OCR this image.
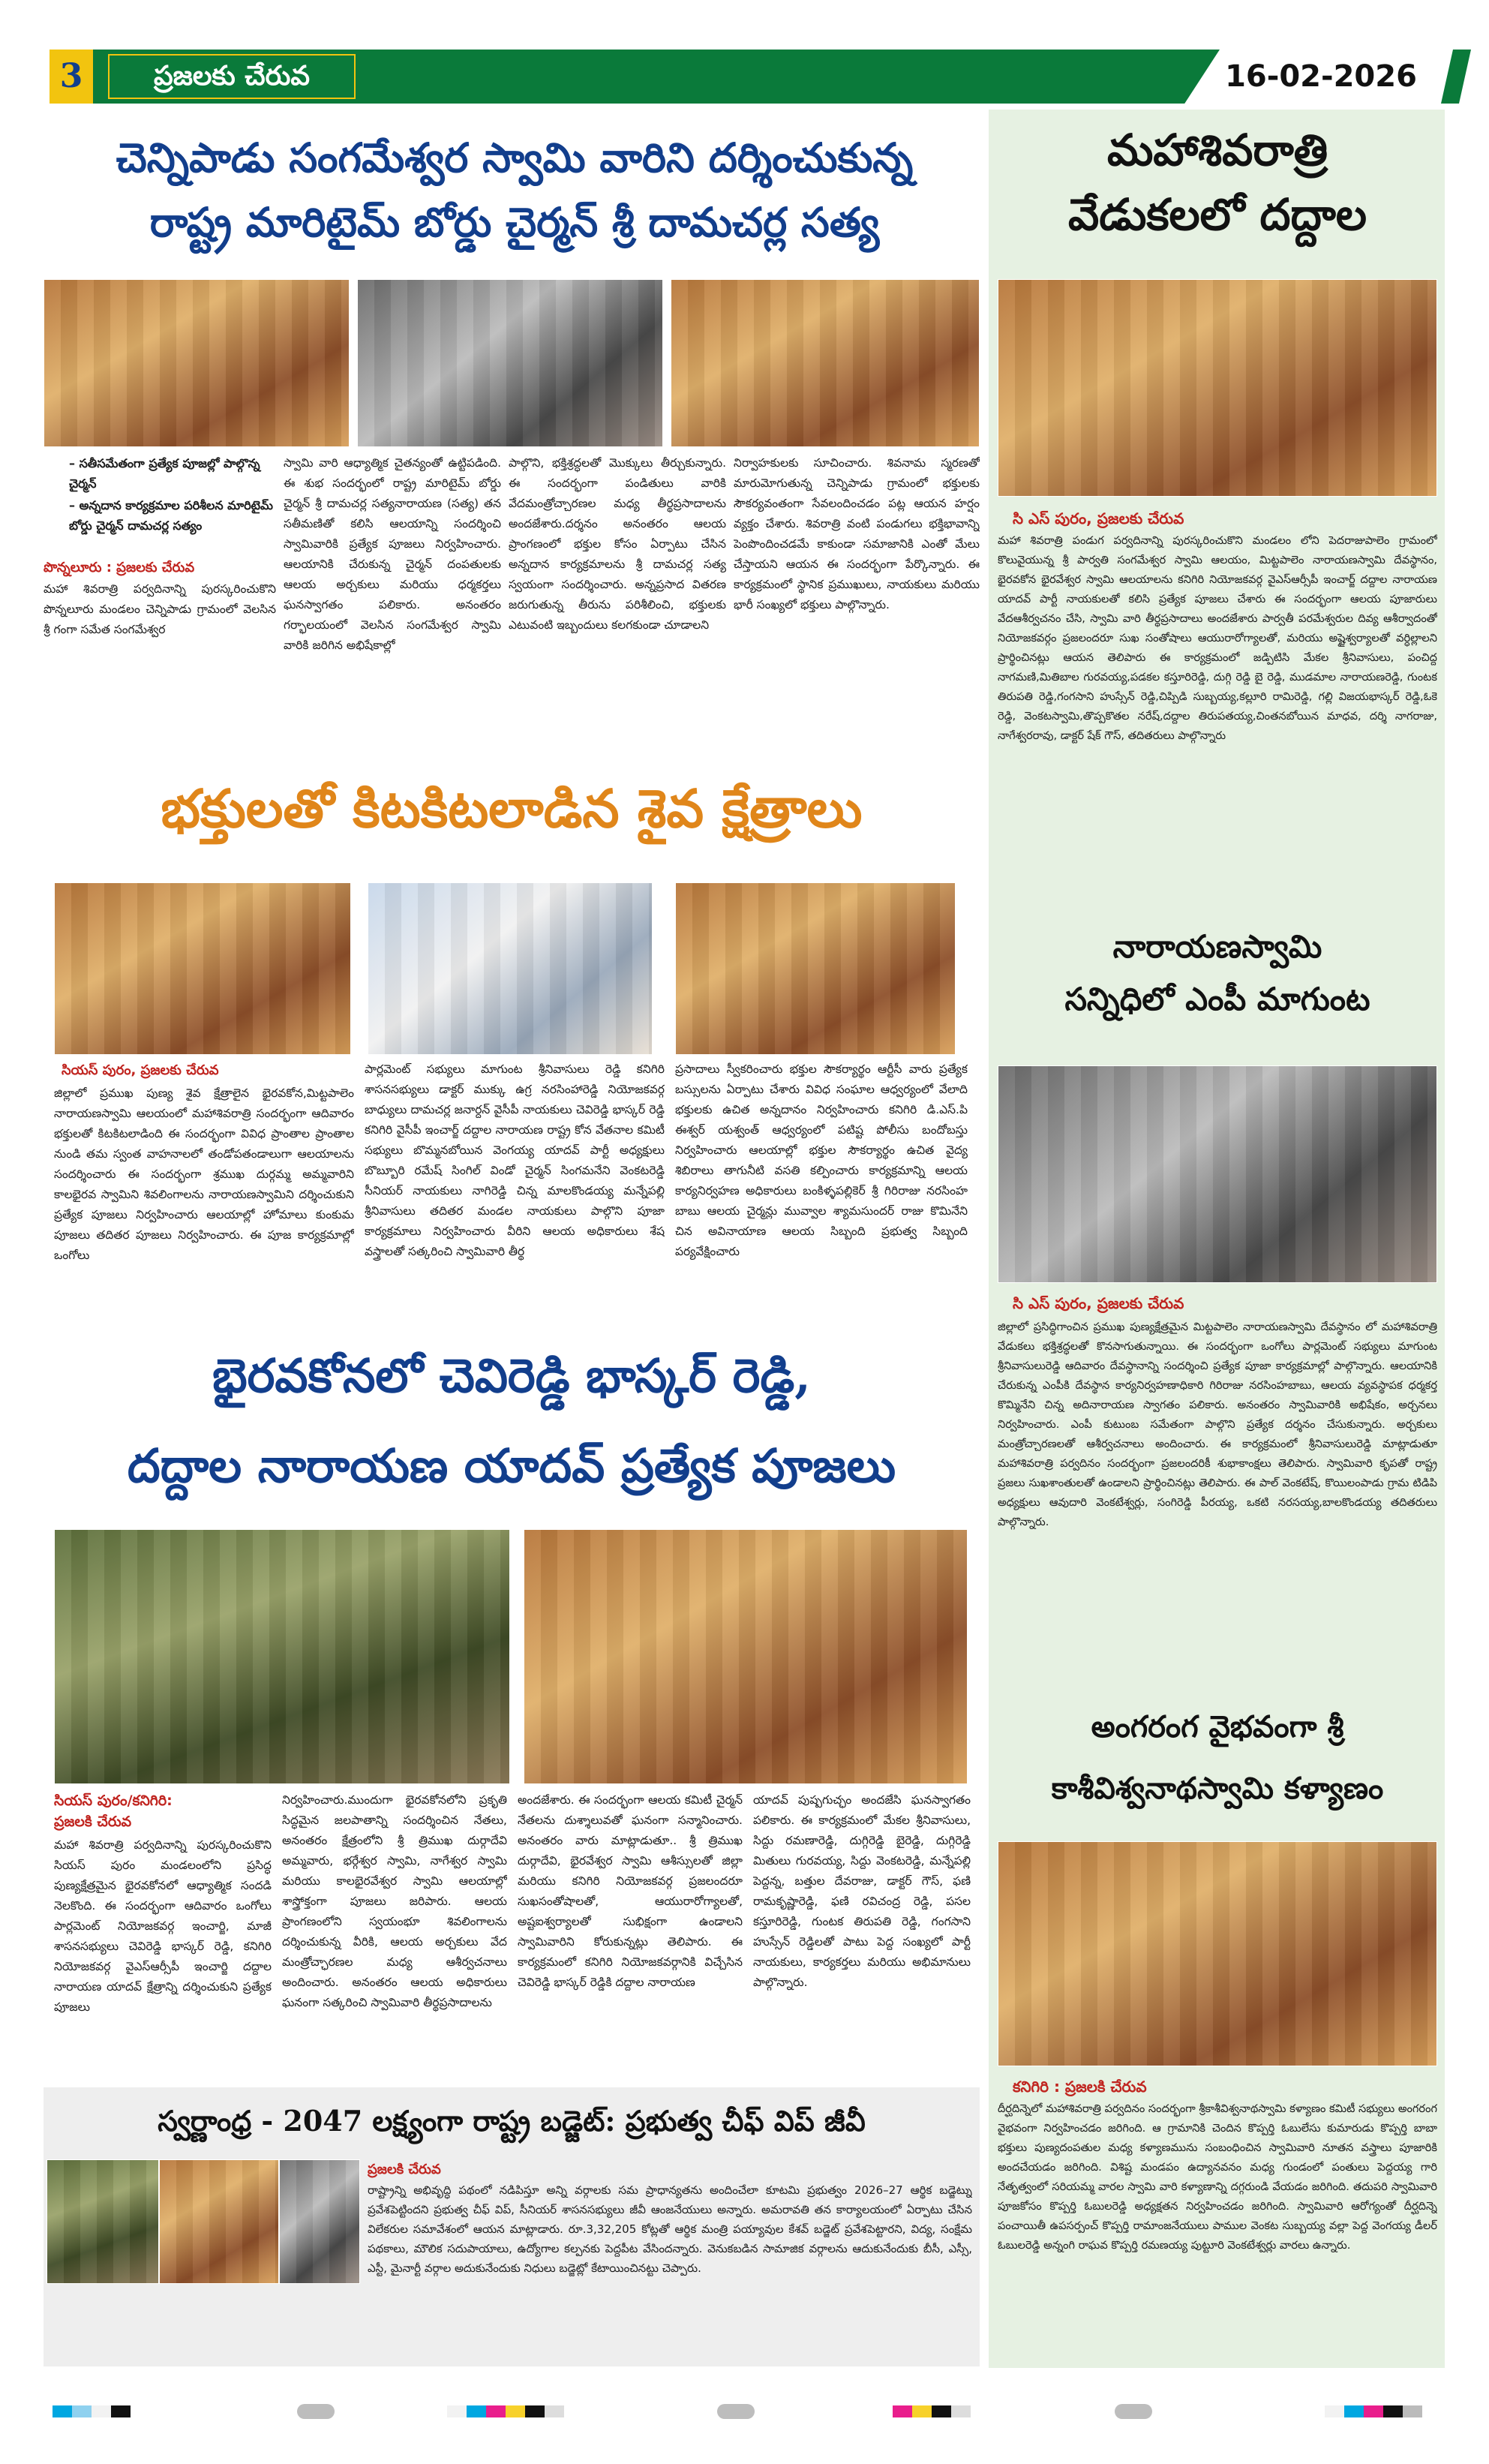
3	ప్రజలకు చేరువ	16-02-2026
మహాశివరాత్రి
వేడుకలలో దద్దాల
సి ఎస్ పురం, ప్రజలకు చేరువ
మహా శివరాత్రి పండుగ పర్వదినాన్ని పురస్కరించుకొని మండలం లోని పెదరాజుపాలెం గ్రామంలో కొలువైయున్న శ్రీ పార్వతి సంగమేశ్వర స్వామి ఆలయం, మిట్టపాలెం నారాయణస్వామి దేవస్థానం, భైరవకోన భైరవేశ్వర స్వామి ఆలయాలను కనిగిరి నియోజకవర్గ వైఎస్ఆర్సీపీ ఇంచార్జ్ దద్దాల నారాయణ యాదవ్ పార్టీ నాయకులతో కలిసి ప్రత్యేక పూజలు చేశారు ఈ సందర్భంగా ఆలయ పూజారులు వేదఆశీర్వచనం చేసి, స్వామి వారి తీర్థప్రసాదాలు అందజేశారు పార్వతీ పరమేశ్వరుల దివ్య ఆశీర్వాదంతో నియోజకవర్గం ప్రజలందరూ సుఖ సంతోషాలు ఆయురారోగ్యాలతో, మరియు అష్టైశ్వర్యాలతో వర్ధిల్లాలని ప్రార్థించినట్లు ఆయన తెలిపారు ఈ కార్యక్రమంలో జడ్పిటిసి మేకల శ్రీనివాసులు, పంచిద్ద నాగమణి,మితిబాల గురవయ్య,పడకల కస్తూరిరెడ్డి, దుగ్గి రెడ్డి బై రెడ్డి, ముడమాల నారాయణరెడ్డి, గుంటక తిరుపతి రెడ్డి,గంగసాని హుస్సేన్ రెడ్డి,చిప్పిడి సుబ్బయ్య,కల్లూరి రామిరెడ్డి, గల్లి విజయభాస్కర్ రెడ్డి,ఓకె రెడ్డి, వెంకటస్వామి,తొప్పకొతల నరేష్,దద్దాల తిరుపతయ్య,చింతనబోయిన మాధవ, దర్శి నాగరాజు, నాగేశ్వరరావు, డాక్టర్ షేక్ గౌస్, తదితరులు పాల్గొన్నారు
నారాయణస్వామి
సన్నిధిలో ఎంపీ మాగుంట
సి ఎస్ పురం, ప్రజలకు చేరువ
జిల్లాలో ప్రసిద్ధిగాంచిన ప్రముఖ పుణ్యక్షేత్రమైన మిట్టపాలెం నారాయణస్వామి దేవస్థానం లో మహాశివరాత్రి వేడుకలు భక్తిశ్రద్ధలతో కొనసాగుతున్నాయి. ఈ సందర్భంగా ఒంగోలు పార్లమెంట్ సభ్యులు మాగుంట శ్రీనివాసులురెడ్డి ఆదివారం దేవస్థానాన్ని సందర్శించి ప్రత్యేక పూజా కార్యక్రమాల్లో పాల్గొన్నారు. ఆలయానికి చేరుకున్న ఎంపీకి దేవస్థాన కార్యనిర్వహణాధికారి గిరిరాజు నరసింహబాబు, ఆలయ వ్యవస్థాపక ధర్మకర్త కొమ్మినేని చిన్న అదినారాయణ స్వాగతం పలికారు. అనంతరం స్వామివారికి అభిషేకం, అర్చనలు నిర్వహించారు. ఎంపీ కుటుంబ సమేతంగా పాల్గొని ప్రత్యేక దర్శనం చేసుకున్నారు. అర్చకులు మంత్రోచ్చారణలతో ఆశీర్వచనాలు అందించారు. ఈ కార్యక్రమంలో శ్రీనివాసులురెడ్డి మాట్లాడుతూ మహాశివరాత్రి పర్వదినం సందర్భంగా ప్రజలందరికీ శుభాకాంక్షలు తెలిపారు. స్వామివారి కృపతో రాష్ట్ర ప్రజలు సుఖశాంతులతో ఉండాలని ప్రార్థించినట్లు తెలిపారు. ఈ పాల్ వెంకటేష్, కొయిలంపాడు గ్రామ టిడిపి అధ్యక్షులు ఆవుదారి వెంకటేశ్వర్లు, సంగిరెడ్డి పీరయ్య, ఒకటి నరసయ్య,బాలకొండయ్య తదితరులు పాల్గొన్నారు.
అంగరంగ వైభవంగా శ్రీ
కాశీవిశ్వనాథస్వామి కళ్యాణం
కనిగిరి : ప్రజలకి చేరువ
దీర్ఘదిన్నెలో మహాశివరాత్రి పర్వదినం సందర్భంగా శ్రీకాశీవిశ్వనాథస్వామి కళ్యాణం కమిటీ సభ్యులు అంగరంగ వైభవంగా నిర్వహించడం జరిగింది. ఆ గ్రామానికి చెందిన కొప్పర్తి ఓబులేసు కుమారుడు కొప్పర్తి బాబా భక్తులు పుణ్యదంపతుల మధ్య కళ్యాణమును సంబంధించిన స్వామివారి నూతన వస్త్రాలు పూజారికి అందచేయడం జరిగింది. విశిష్ట మండపం ఉద్యానవనం మధ్య గుండంలో పంతులు పెద్దయ్య గారి నేతృత్వంలో సరియమ్మ వారల స్వామి వారి కళ్యాణాన్ని దగ్గరుండి వేయడం జరిగింది. తదుపరి స్వామివారి పూజకోసం కొప్పర్తి ఓబులరెడ్డి అధ్యక్షతన నిర్వహించడం జరిగింది. స్వామివారి ఆరోగ్యంతో దీర్ఘదిన్నె పంచాయితీ ఉపసర్పంచ్ కొప్పర్తి రామాంజనేయులు పాముల వెంకట సుబ్బయ్య వల్లా పెద్ద వెంగయ్య డీలర్ ఓబులరెడ్డి అన్నంగి రాఘవ కొప్పర్తి రమణయ్య పుట్టూరి వెంకటేశ్వర్లు వారలు ఉన్నారు.
చెన్నిపాడు సంగమేశ్వర స్వామి వారిని దర్శించుకున్న
రాష్ట్ర మారిటైమ్ బోర్డు చైర్మన్ శ్రీ దామచర్ల సత్య
– సతీసమేతంగా ప్రత్యేక పూజల్లో పాల్గొన్న చైర్మన్
– అన్నదాన కార్యక్రమాల పరిశీలన మారిటైమ్ బోర్డు చైర్మన్ దామచర్ల సత్యం
పొన్నలూరు : ప్రజలకు చేరువ
మహా శివరాత్రి పర్వదినాన్ని పురస్కరించుకొని పొన్నలూరు మండలం చెన్నిపాడు గ్రామంలో వెలసిన శ్రీ గంగా సమేత సంగమేశ్వర
స్వామి వారి ఆధ్యాత్మిక చైతన్యంతో ఉట్టిపడింది. ఈ శుభ సందర్భంలో రాష్ట్ర మారిటైమ్ బోర్డు చైర్మన్ శ్రీ దామచర్ల సత్యనారాయణ (సత్య) తన సతీమణితో కలిసి ఆలయాన్ని సందర్శించి స్వామివారికి ప్రత్యేక పూజలు నిర్వహించారు. ఆలయానికి చేరుకున్న చైర్మన్ దంపతులకు ఆలయ అర్చకులు మరియు ధర్మకర్తలు ఘనస్వాగతం పలికారు. అనంతరం గర్భాలయంలో వెలసిన సంగమేశ్వర స్వామి వారికి జరిగిన అభిషేకాల్లో
పాల్గొని, భక్తిశ్రద్ధలతో మొక్కులు తీర్చుకున్నారు. ఈ సందర్భంగా పండితులు వారికి వేదమంత్రోచ్చారణల మధ్య తీర్థప్రసాదాలను అందజేశారు.దర్శనం అనంతరం ఆలయ ప్రాంగణంలో భక్తుల కోసం ఏర్పాటు చేసిన అన్నదాన కార్యక్రమాలను శ్రీ దామచర్ల సత్య స్వయంగా సందర్శించారు. అన్నప్రసాద వితరణ జరుగుతున్న తీరును పరిశీలించి, భక్తులకు ఎటువంటి ఇబ్బందులు కలగకుండా చూడాలని
నిర్వాహకులకు సూచించారు. శివనామ స్మరణతో మారుమోగుతున్న చెన్నిపాడు గ్రామంలో భక్తులకు సౌకర్యవంతంగా సేవలందించడం పట్ల ఆయన హర్షం వ్యక్తం చేశారు. శివరాత్రి వంటి పండుగలు భక్తిభావాన్ని పెంపొందించడమే కాకుండా సమాజానికి ఎంతో మేలు చేస్తాయని ఆయన ఈ సందర్భంగా పేర్కొన్నారు. ఈ కార్యక్రమంలో స్థానిక ప్రముఖులు, నాయకులు మరియు భారీ సంఖ్యలో భక్తులు పాల్గొన్నారు.
భక్తులతో కిటకిటలాడిన శైవ క్షేత్రాలు
సియస్ పురం, ప్రజలకు చేరువ
జిల్లాలో ప్రముఖ పుణ్య శైవ క్షేత్రాలైన భైరవకోన,మిట్టపాలెం నారాయణస్వామి ఆలయంలో మహాశివరాత్రి సందర్భంగా ఆదివారం భక్తులతో కిటకిటలాడింది ఈ సందర్భంగా వివిధ ప్రాంతాల ప్రాంతాల నుండి తమ స్వంత వాహనాలలో తండోపతండాలుగా ఆలయాలను సందర్శించారు ఈ సందర్భంగా శ్రముఖ దుర్గమ్మ అమ్మవారిని కాలభైరవ స్వామిని శివలింగాలను నారాయణస్వామిని దర్శించుకుని ప్రత్యేక పూజలు నిర్వహించారు ఆలయాల్లో హోమాలు కుంకుమ పూజలు తదితర పూజలు నిర్వహించారు. ఈ పూజ కార్యక్రమాల్లో ఒంగోలు
పార్లమెంట్ సభ్యులు మాగుంట శ్రీనివాసులు రెడ్డి కనిగిరి శాసనసభ్యులు డాక్టర్ ముక్కు ఉగ్ర నరసింహారెడ్డి నియోజకవర్గ బాధ్యులు దామచర్ల జనార్దన్ వైసీపీ నాయకులు చెవిరెడ్డి భాస్కర్ రెడ్డి కనిగిరి వైసీపీ ఇంచార్జ్ దద్దాల నారాయణ రాష్ట్ర కోన వేతనాల కమిటీ సభ్యులు బొమ్మనబోయిన వెంగయ్య యాదవ్ పార్టీ అధ్యక్షులు బొబ్బూరి రమేష్ సింగిల్ విండో చైర్మన్ సింగమనేని వెంకటరెడ్డి సీనియర్ నాయకులు నాగిరెడ్డి చిన్న మాలకొండయ్య మన్నేపల్లి శ్రీనివాసులు తదితర మండల నాయకులు పాల్గొని పూజా కార్యక్రమాలు నిర్వహించారు వీరిని ఆలయ అధికారులు శేష వస్త్రాలతో సత్కరించి స్వామివారి తీర్థ
ప్రసాదాలు స్వీకరించారు భక్తుల సౌకర్యార్థం ఆర్టీసీ వారు ప్రత్యేక బస్సులను ఏర్పాటు చేశారు వివిధ సంఘాల ఆధ్వర్యంలో వేలాది భక్తులకు ఉచిత అన్నదానం నిర్వహించారు కనిగిరి డి.ఎస్.పి ఈశ్వర్ యశ్వంత్ ఆధ్వర్యంలో పటిష్ట పోలీసు బందోబస్తు నిర్వహించారు ఆలయాల్లో భక్తుల సౌకర్యార్థం ఉచిత వైద్య శిబిరాలు తాగునీటి వసతి కల్పించారు కార్యక్రమాన్ని ఆలయ కార్యనిర్వహణ అధికారులు బంకిళ్ళపల్లికెర్ శ్రీ గిరిరాజు నరసింహ బాబు ఆలయ చైర్మన్లు మువ్వాల శ్యామసుందర్ రాజు కొమినేని చిన అవినాయాణ ఆలయ సిబ్బంది ప్రభుత్వ సిబ్బంది పర్యవేక్షించారు
భైరవకోనలో చెవిరెడ్డి భాస్కర్ రెడ్డి,
దద్దాల నారాయణ యాదవ్ ప్రత్యేక పూజలు
సియస్ పురం/కనిగిరి:
ప్రజలకి చేరువ
మహా శివరాత్రి పర్వదినాన్ని పురస్కరించుకొని సియస్ పురం మండలంలోని ప్రసిద్ధ పుణ్యక్షేత్రమైన భైరవకోనలో ఆధ్యాత్మిక సందడి నెలకొంది. ఈ సందర్భంగా ఆదివారం ఒంగోలు పార్లమెంట్ నియోజకవర్గ ఇంచార్జి, మాజీ శాసనసభ్యులు చెవిరెడ్డి భాస్కర్ రెడ్డి, కనిగిరి నియోజకవర్గ వైఎస్ఆర్సీపీ ఇంచార్జి దద్దాల నారాయణ యాదవ్ క్షేత్రాన్ని దర్శించుకుని ప్రత్యేక పూజలు
నిర్వహించారు.ముందుగా భైరవకోనలోని ప్రకృతి సిద్ధమైన జలపాతాన్ని సందర్శించిన నేతలు, అనంతరం క్షేత్రంలోని శ్రీ త్రిముఖ దుర్గాదేవి అమ్మవారు, భర్గేశ్వర స్వామి, నాగేశ్వర స్వామి మరియు కాలభైరవేశ్వర స్వామి ఆలయాల్లో శాస్త్రోక్తంగా పూజలు జరిపారు. ఆలయ ప్రాంగణంలోని స్వయంభూ శివలింగాలను దర్శించుకున్న వీరికి, ఆలయ అర్చకులు వేద మంత్రోచ్ఛారణల మధ్య ఆశీర్వచనాలు అందించారు. అనంతరం ఆలయ అధికారులు ఘనంగా సత్కరించి స్వామివారి తీర్థప్రసాదాలను
అందజేశారు. ఈ సందర్భంగా ఆలయ కమిటీ చైర్మన్ నేతలను దుశ్శాలువతో ఘనంగా సన్మానించారు. అనంతరం వారు మాట్లాడుతూ.. శ్రీ త్రిముఖ దుర్గాదేవి, భైరవేశ్వర స్వామి ఆశీస్సులతో జిల్లా మరియు కనిగిరి నియోజకవర్గ ప్రజలందరూ సుఖసంతోషాలతో, ఆయురారోగ్యాలతో, అష్టఐశ్వర్యాలతో సుభిక్షంగా ఉండాలని స్వామివారిని కోరుకున్నట్లు తెలిపారు. ఈ కార్యక్రమంలో కనిగిరి నియోజకవర్గానికి విచ్చేసిన చెవిరెడ్డి భాస్కర్ రెడ్డికి దద్దాల నారాయణ
యాదవ్ పుష్పగుచ్ఛం అందజేసి ఘనస్వాగతం పలికారు. ఈ కార్యక్రమంలో మేకల శ్రీనివాసులు, సిద్దు రమణారెడ్డి, దుగ్గిరెడ్డి బైరెడ్డి, దుగ్గిరెడ్డి మితులు గురవయ్య, సిద్దు వెంకటరెడ్డి, మన్నేపల్లి పెద్దన్న, బత్తుల దేవరాజు, డాక్టర్ గౌస్, ఫణి రామకృష్ణారెడ్డి, ఫణి రవిచంద్ర రెడ్డి, పసల కస్తూరిరెడ్డి, గుంటక తిరుపతి రెడ్డి, గంగసాని హుస్సేన్ రెడ్డిలతో పాటు పెద్ద సంఖ్యలో పార్టీ నాయకులు, కార్యకర్తలు మరియు అభిమానులు పాల్గొన్నారు.
స్వర్ణాంధ్ర - 2047 లక్ష్యంగా రాష్ట్ర బడ్జెట్: ప్రభుత్వ చీఫ్ విప్ జీవీ
ప్రజలకి చేరువ
రాష్ట్రాన్ని అభివృద్ధి పథంలో నడిపిస్తూ అన్ని వర్గాలకు సమ ప్రాధాన్యతను అందించేలా కూటమి ప్రభుత్వం 2026–27 ఆర్థిక బడ్జెట్ను ప్రవేశపెట్టిందని ప్రభుత్వ చీఫ్ విప్, సీనియర్ శాసనసభ్యులు జీవీ ఆంజనేయులు అన్నారు. అమరావతి తన కార్యాలయంలో ఏర్పాటు చేసిన విలేకరుల సమావేశంలో ఆయన మాట్లాడారు. రూ.3,32,205 కోట్లతో ఆర్థిక మంత్రి పయ్యావుల కేశవ్ బడ్జెట్ ప్రవేశపెట్టారని, విద్య, సంక్షేమ పథకాలు, మౌలిక సదుపాయాలు, ఉద్యోగాల కల్పనకు పెద్దపీట వేసిందన్నారు. వెనుకబడిన సామాజిక వర్గాలను ఆదుకునేందుకు బీసీ, ఎస్సీ, ఎస్టీ, మైనార్టీ వర్గాల అదుకునేందుకు నిధులు బడ్జెట్లో కేటాయించినట్టు చెప్పారు.
